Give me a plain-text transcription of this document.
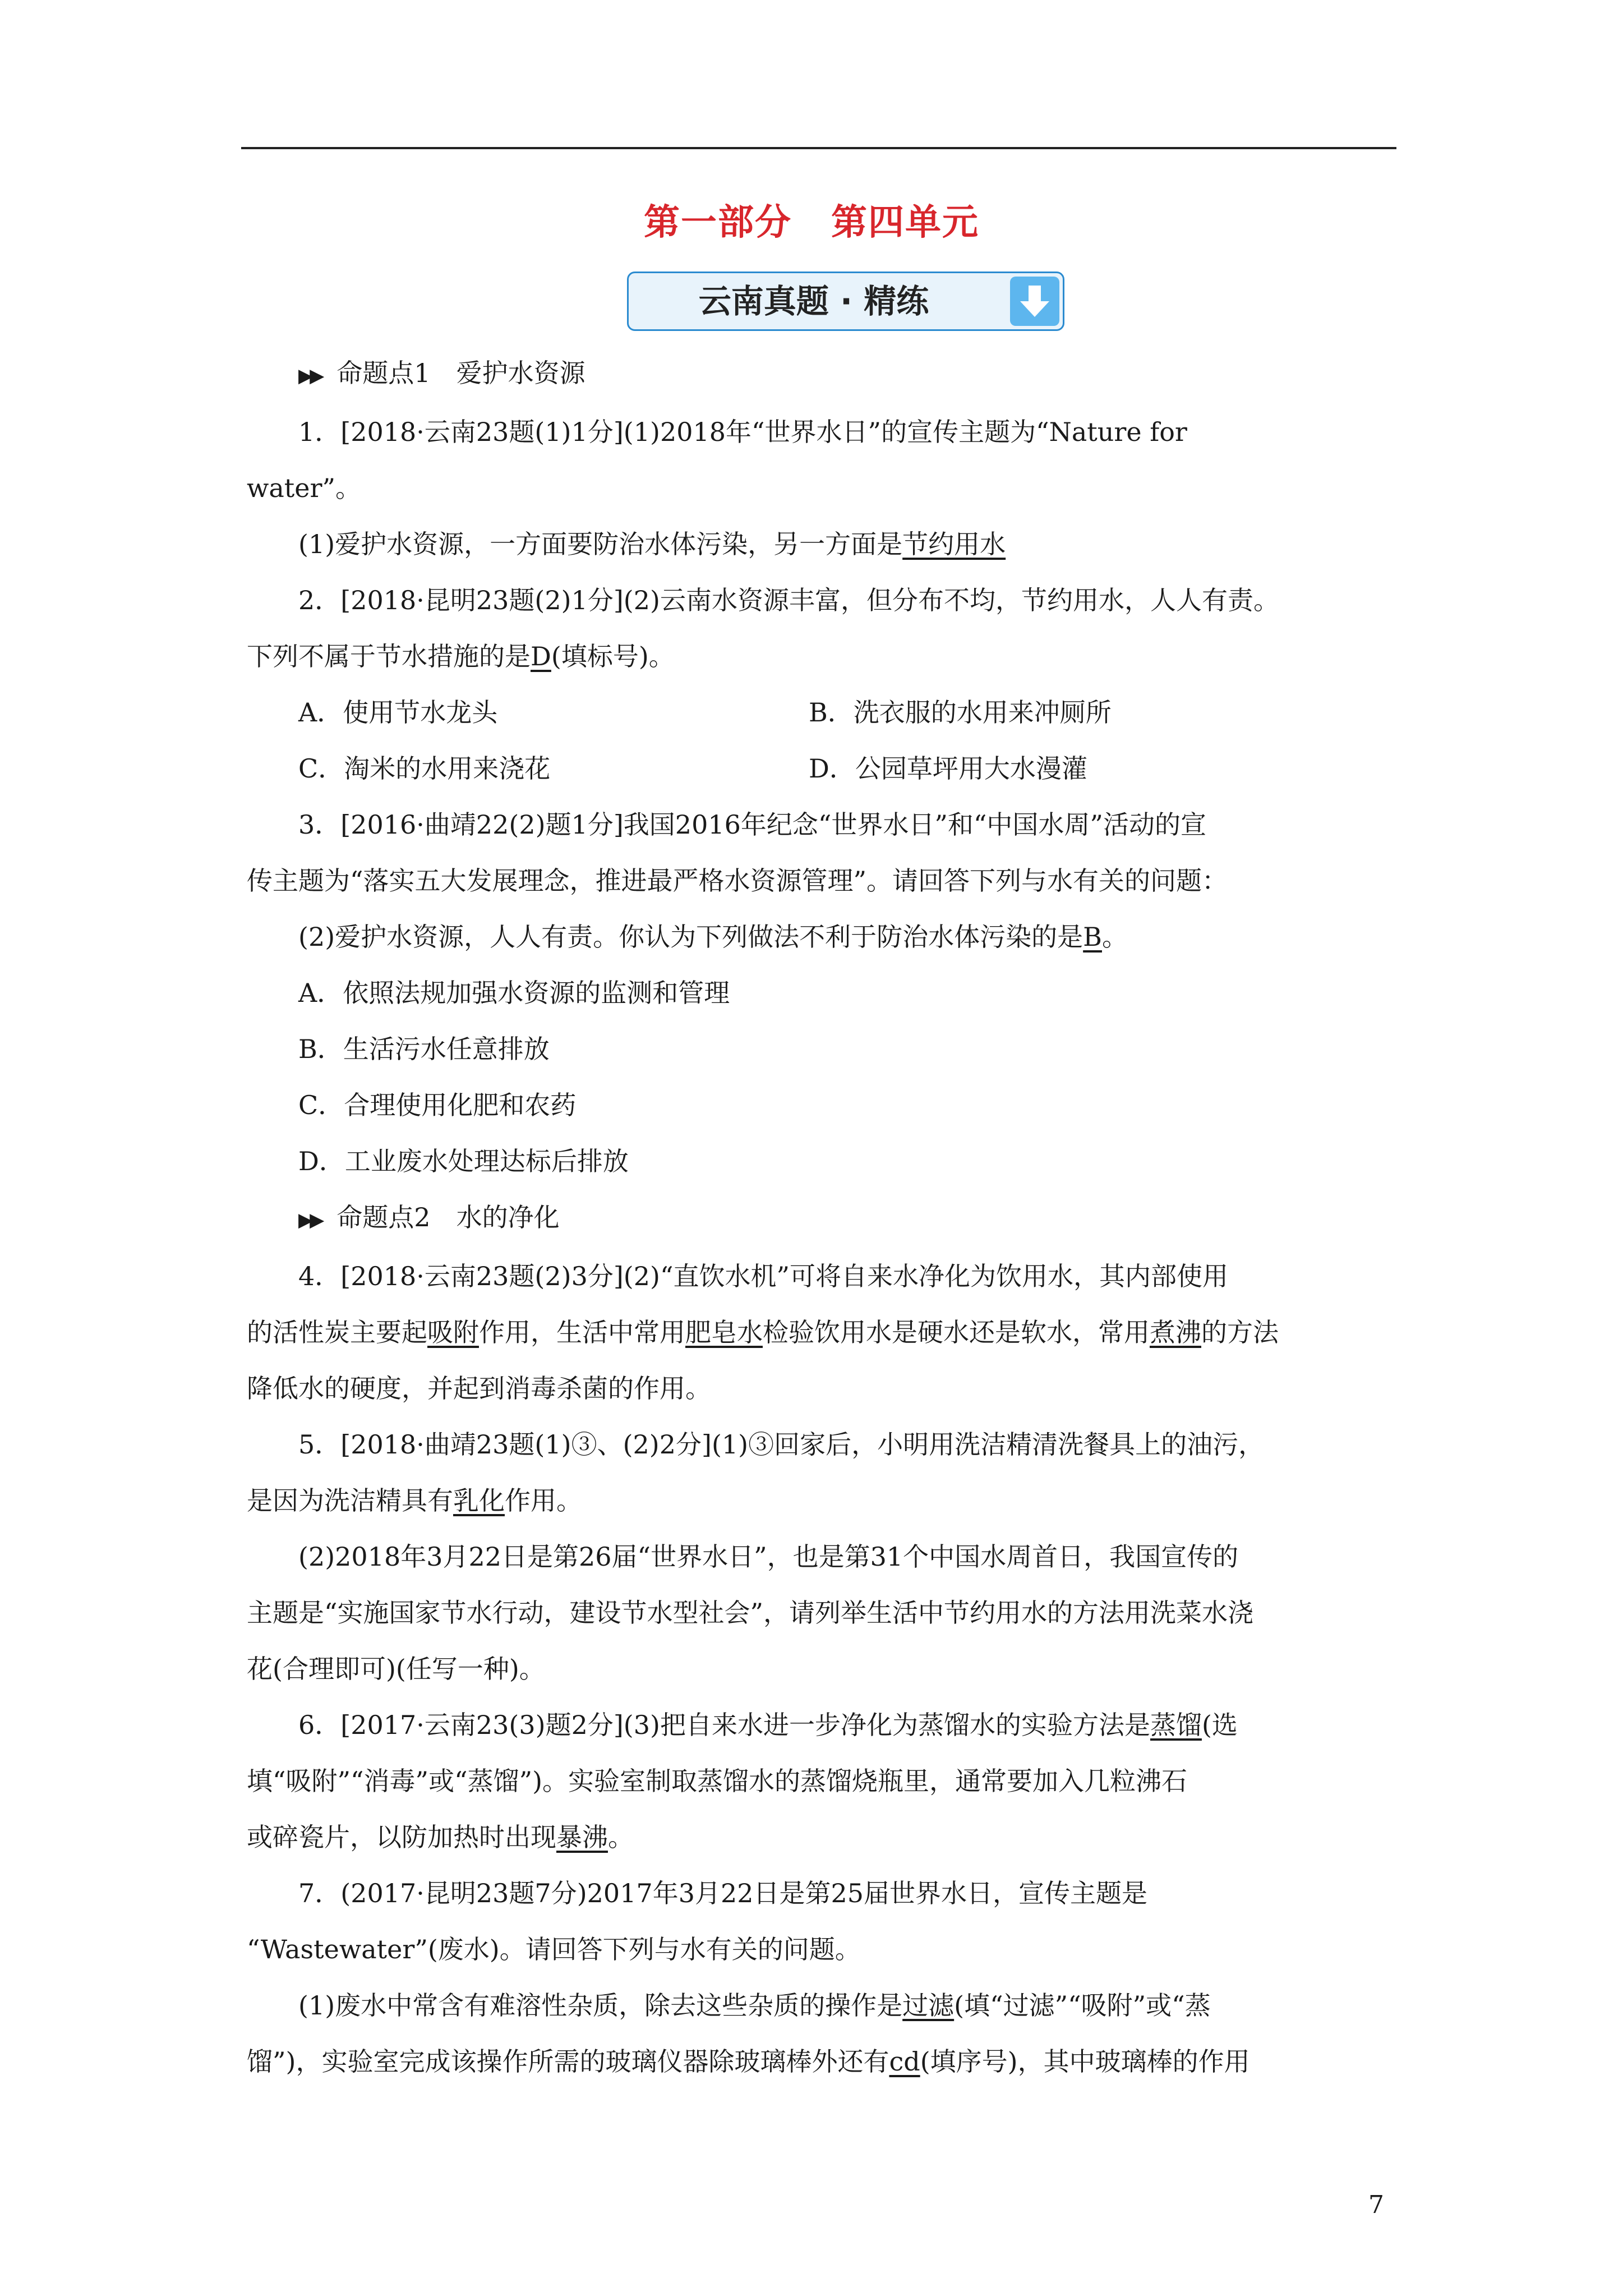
第一部分 第四单元
云南真题 · 精练

▶▶ 命题点1　爱护水资源

1．[2018·云南23题(1)1分](1)2018年“世界水日”的宣传主题为“Nature for

water”。

(1)爱护水资源，一方面要防治水体污染，另一方面是节约用水

2．[2018·昆明23题(2)1分](2)云南水资源丰富，但分布不均，节约用水，人人有责。

下列不属于节水措施的是D(填标号)。

A．使用节水龙头	B．洗衣服的水用来冲厕所
C．淘米的水用来浇花	D．公园草坪用大水漫灌

3．[2016·曲靖22(2)题1分]我国2016年纪念“世界水日”和“中国水周”活动的宣

传主题为“落实五大发展理念，推进最严格水资源管理”。请回答下列与水有关的问题：

(2)爱护水资源，人人有责。你认为下列做法不利于防治水体污染的是B。

A．依照法规加强水资源的监测和管理

B．生活污水任意排放

C．合理使用化肥和农药

D．工业废水处理达标后排放

▶▶ 命题点2　水的净化

4．[2018·云南23题(2)3分](2)“直饮水机”可将自来水净化为饮用水，其内部使用

的活性炭主要起吸附作用，生活中常用肥皂水检验饮用水是硬水还是软水，常用煮沸的方法

降低水的硬度，并起到消毒杀菌的作用。

5．[2018·曲靖23题(1)③、(2)2分](1)③回家后，小明用洗洁精清洗餐具上的油污，

是因为洗洁精具有乳化作用。

(2)2018年3月22日是第26届“世界水日”，也是第31个中国水周首日，我国宣传的

主题是“实施国家节水行动，建设节水型社会”，请列举生活中节约用水的方法用洗菜水浇

花(合理即可)(任写一种)。

6．[2017·云南23(3)题2分](3)把自来水进一步净化为蒸馏水的实验方法是蒸馏(选

填“吸附”“消毒”或“蒸馏”)。实验室制取蒸馏水的蒸馏烧瓶里，通常要加入几粒沸石

或碎瓷片，以防加热时出现暴沸。

7．(2017·昆明23题7分)2017年3月22日是第25届世界水日，宣传主题是

“Wastewater”(废水)。请回答下列与水有关的问题。

(1)废水中常含有难溶性杂质，除去这些杂质的操作是过滤(填“过滤”“吸附”或“蒸

馏”)，实验室完成该操作所需的玻璃仪器除玻璃棒外还有cd(填序号)，其中玻璃棒的作用

7
